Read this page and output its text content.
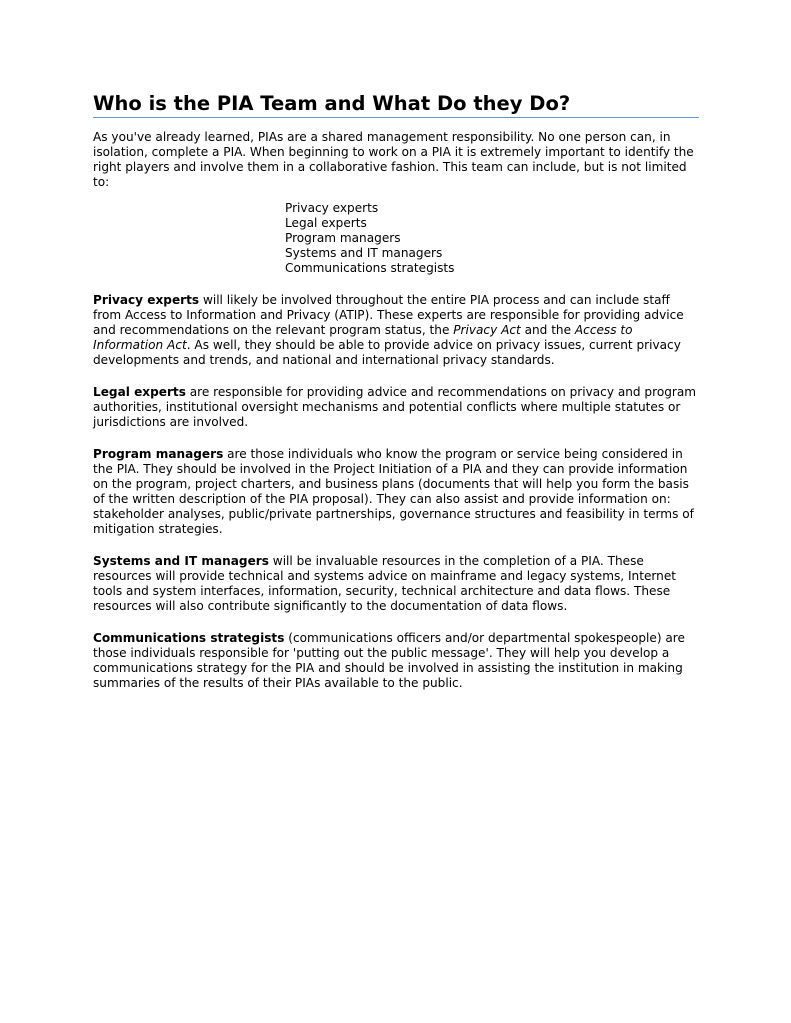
Who is the PIA Team and What Do they Do?

As you've already learned, PIAs are a shared management responsibility. No one person can, in isolation, complete a PIA. When beginning to work on a PIA it is extremely important to identify the right players and involve them in a collaborative fashion. This team can include, but is not limited to:

Privacy experts
Legal experts
Program managers
Systems and IT managers
Communications strategists

Privacy experts will likely be involved throughout the entire PIA process and can include staff from Access to Information and Privacy (ATIP). These experts are responsible for providing advice and recommendations on the relevant program status, the Privacy Act and the Access to Information Act. As well, they should be able to provide advice on privacy issues, current privacy developments and trends, and national and international privacy standards.

Legal experts are responsible for providing advice and recommendations on privacy and program authorities, institutional oversight mechanisms and potential conflicts where multiple statutes or jurisdictions are involved.

Program managers are those individuals who know the program or service being considered in the PIA. They should be involved in the Project Initiation of a PIA and they can provide information on the program, project charters, and business plans (documents that will help you form the basis of the written description of the PIA proposal). They can also assist and provide information on: stakeholder analyses, public/private partnerships, governance structures and feasibility in terms of mitigation strategies.

Systems and IT managers will be invaluable resources in the completion of a PIA. These resources will provide technical and systems advice on mainframe and legacy systems, Internet tools and system interfaces, information, security, technical architecture and data flows. These resources will also contribute significantly to the documentation of data flows.

Communications strategists (communications officers and/or departmental spokespeople) are those individuals responsible for 'putting out the public message'. They will help you develop a communications strategy for the PIA and should be involved in assisting the institution in making summaries of the results of their PIAs available to the public.
